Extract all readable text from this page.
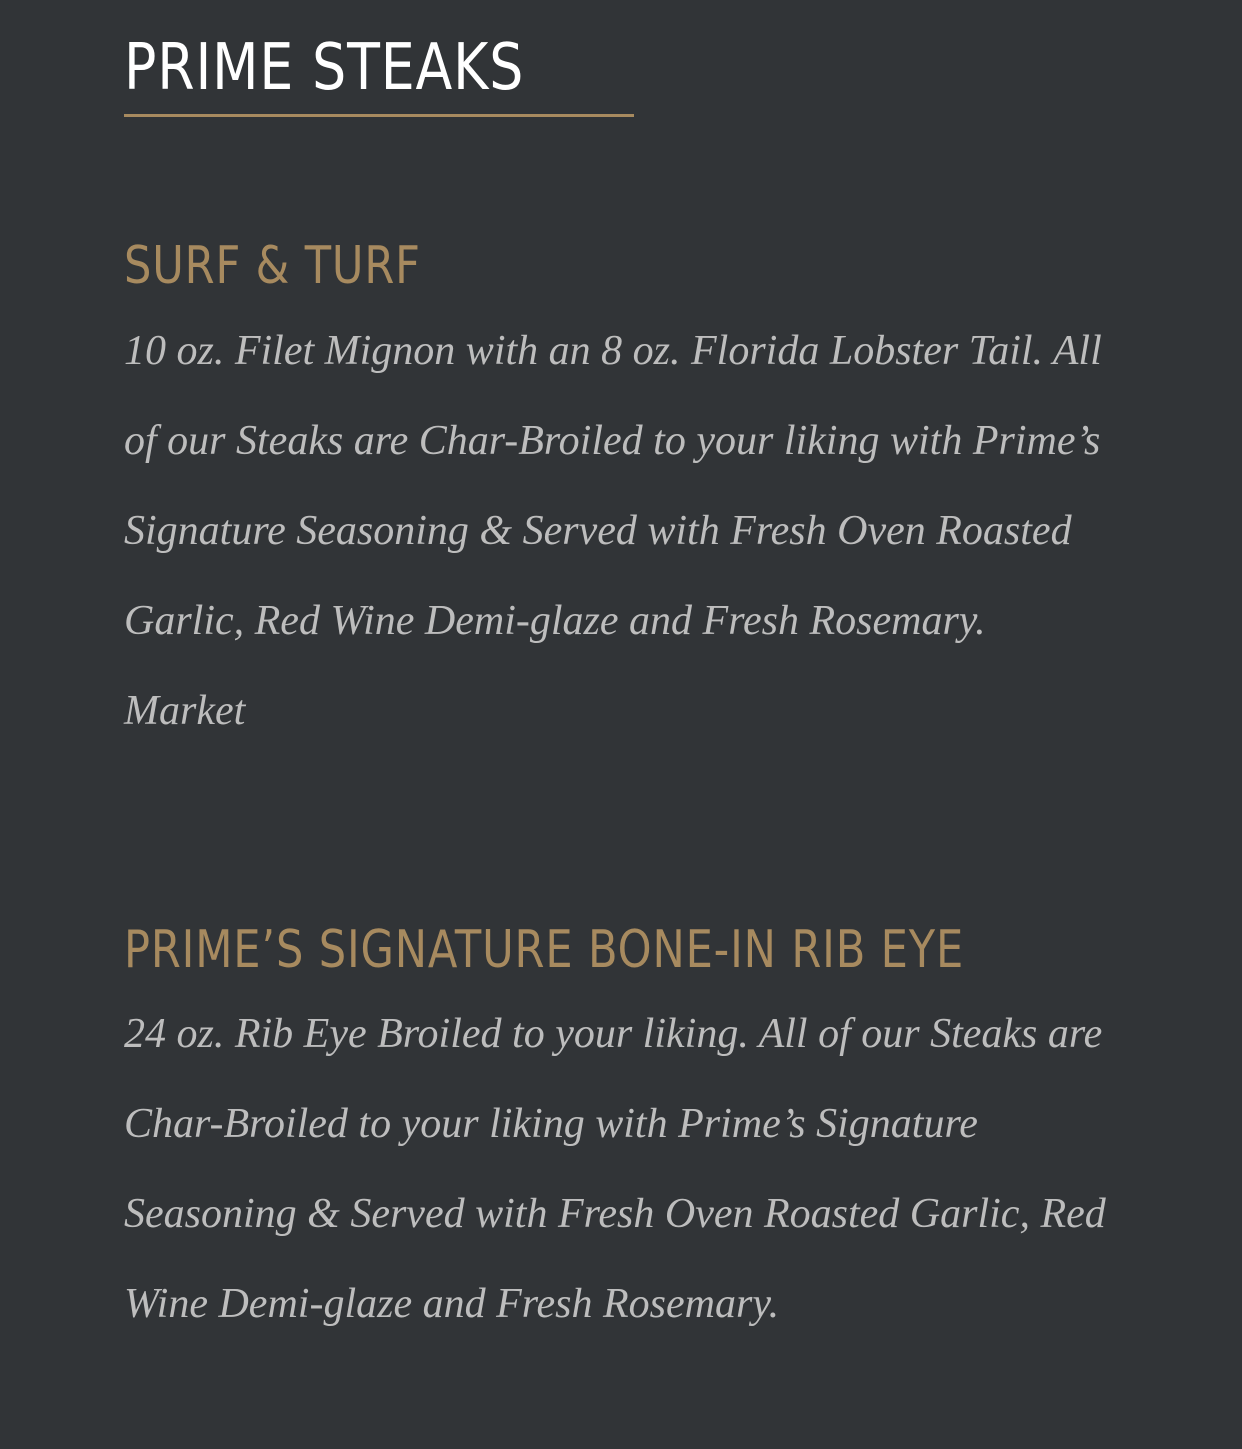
PRIME STEAKS
SURF & TURF

10 oz. Filet Mignon with an 8 oz. Florida Lobster Tail. All of our Steaks are Char-Broiled to your liking with Prime’s Signature Seasoning & Served with Fresh Oven Roasted Garlic, Red Wine Demi-glaze and Fresh Rosemary.

Market

PRIME’S SIGNATURE BONE-IN RIB EYE

24 oz. Rib Eye Broiled to your liking. All of our Steaks are Char-Broiled to your liking with Prime’s Signature Seasoning & Served with Fresh Oven Roasted Garlic, Red Wine Demi-glaze and Fresh Rosemary.
